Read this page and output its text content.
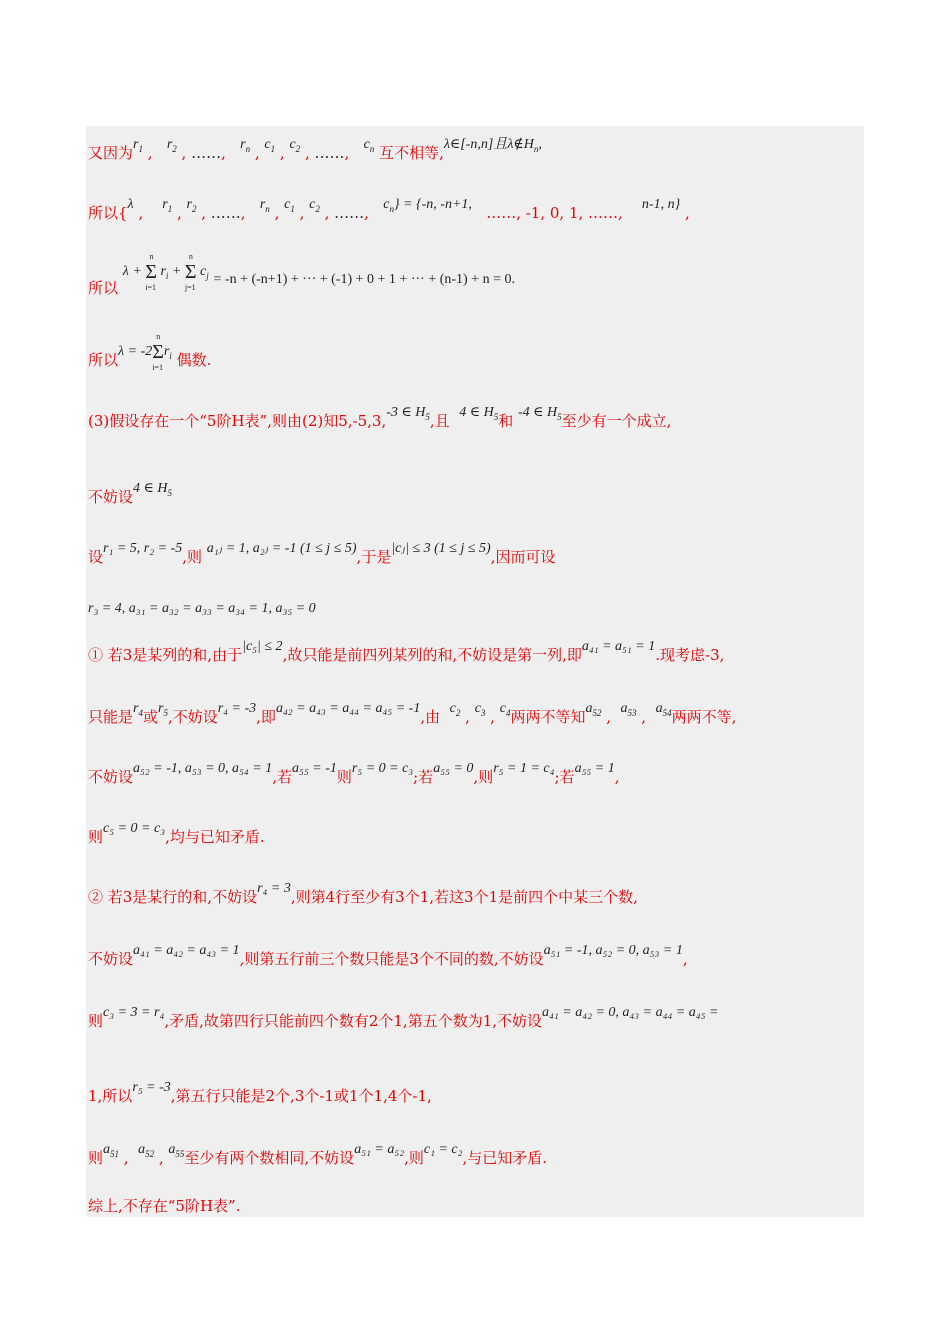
又因为$r_1$ ,   $r_2$ , ……,   $r_n$ , $c_1$ , $c_2$ , ……,   $c_n$ 互不相等,λ∈[-n,n]且$\lambda\notin H_n$,
所以{λ ,    $r_1$ , $r_2$ , ……,   $r_n$ , $c_1$ , $c_2$ , ……,   $c_n\} = \{-n$, -n+1, ……, -1, 0, 1, ……, n-1, n} ,
所以 λ + Σ
n
i=1
$r_i + \Sigma$
n
j=1
$c_j = -n + (-n+1)$ + ··· + (-1) + 0 + 1 + ··· + (n-1) + n = 0.
所以λ = -2Σ
n
i=1
$r_i$ 偶数.
(3)假设存在一个“5阶H表”,则由(2)知5,-5,3,-3 ∈ $H_5$,且 4 ∈ $H_5$和 -4 ∈ $H_5$至少有一个成立,
不妨设4 ∈ $H_5$
设r₁ = 5, r₂ = -5,则 a₁ⱼ = 1, a₂ⱼ = -1 (1 ≤ j ≤ 5),于是|cⱼ| ≤ 3 (1 ≤ j ≤ 5),因而可设
r₃ = 4, a₃₁ = a₃₂ = a₃₃ = a₃₄ = 1, a₃₅ = 0
① 若3是某列的和,由于|c₅| ≤ 2,故只能是前四列某列的和,不妨设是第一列,即a₄₁ = a₅₁ = 1.现考虑-3,
只能是$r_4$或$r_5$,不妨设r₄ = -3,即a₄₂ = a₄₃ = a₄₄ = a₄₅ = -1,由 $c_2$ , $c_3$ , $c_4$两两不等知$a_{52}$ ,  $a_{53}$ ,  $a_{54}$两两不等,
不妨设a₅₂ = -1, a₅₃ = 0, a₅₄ = 1,若a₅₅ = -1则r₅ = 0 = c₃;若a₅₅ = 0,则r₅ = 1 = c₄;若a₅₅ = 1,
则c₅ = 0 = c₃,均与已知矛盾.
② 若3是某行的和,不妨设r₄ = 3,则第4行至少有3个1,若这3个1是前四个中某三个数,
不妨设a₄₁ = a₄₂ = a₄₃ = 1,则第五行前三个数只能是3个不同的数,不妨设a₅₁ = -1, a₅₂ = 0, a₅₃ = 1,
则c₃ = 3 = r₄,矛盾,故第四行只能前四个数有2个1,第五个数为1,不妨设a₄₁ = a₄₂ = 0, a₄₃ = a₄₄ = a₄₅ =
1,所以r₅ = -3,第五行只能是2个,3个-1或1个1,4个-1,
则$a_{51}$ ,  $a_{52}$ , $a_{55}$至少有两个数相同,不妨设a₅₁ = a₅₂,则c₁ = c₂,与已知矛盾.
综上,不存在“5阶H表”.
